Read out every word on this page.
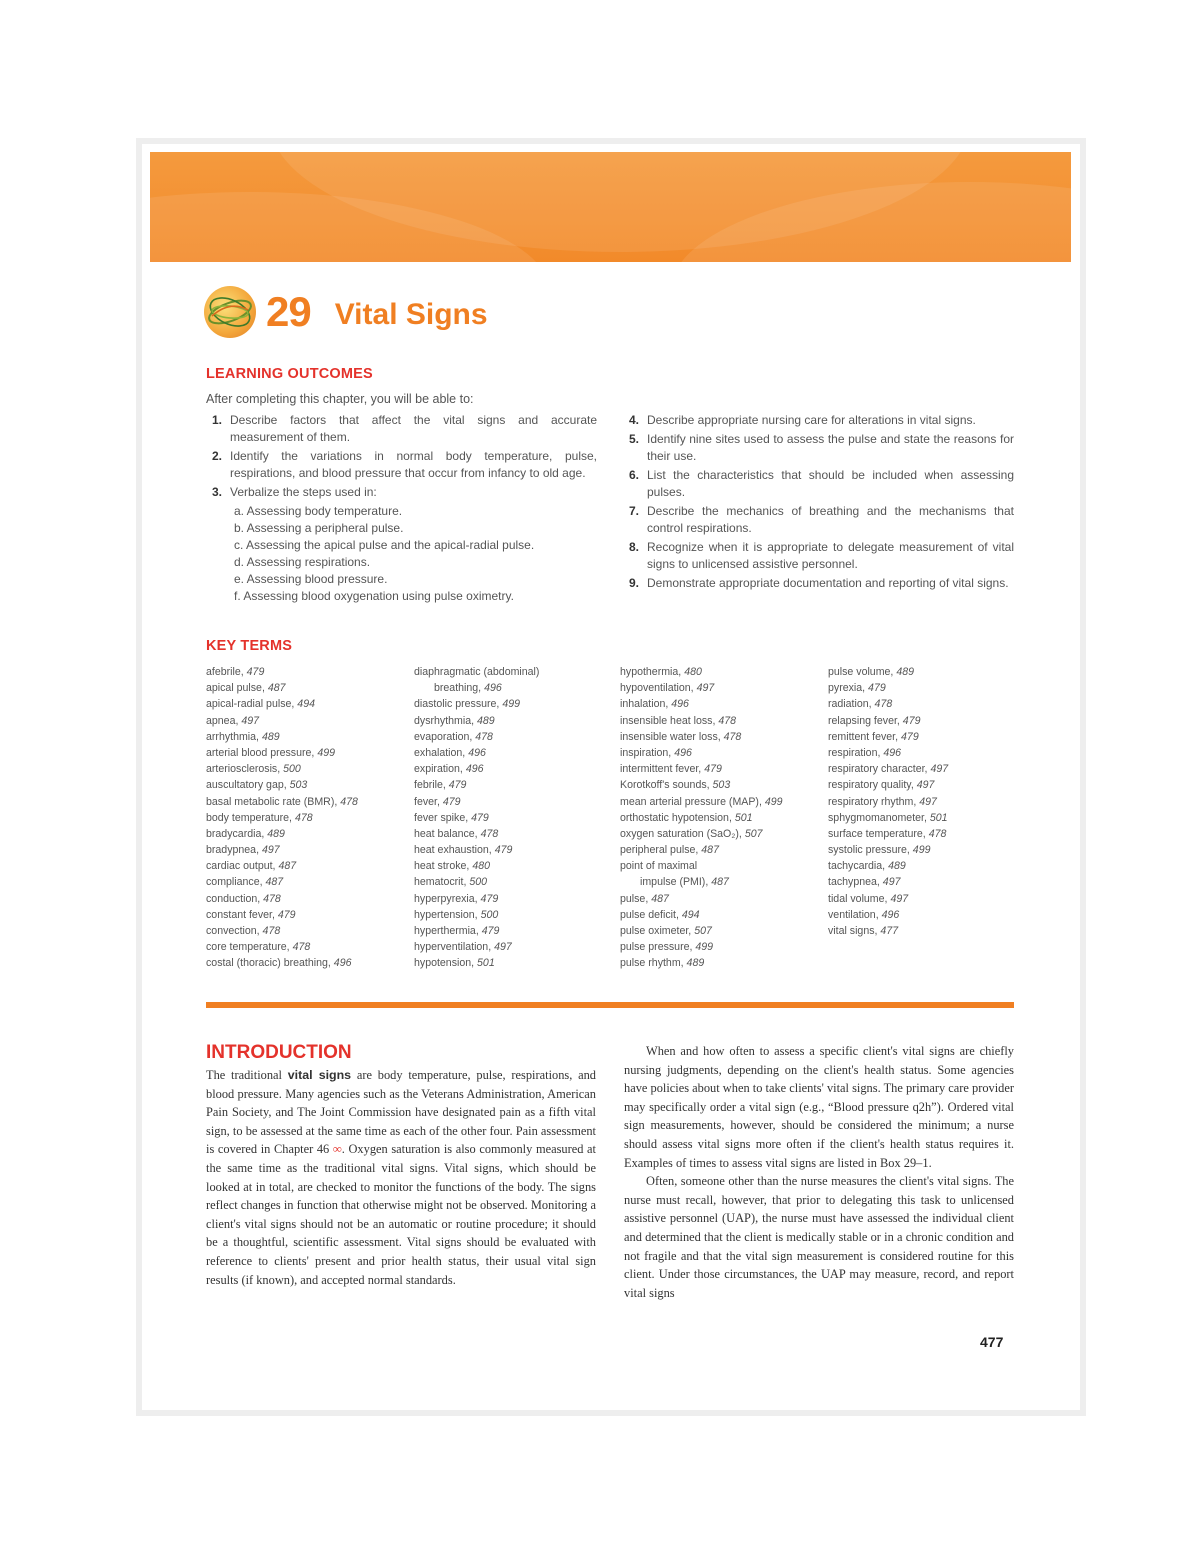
29 Vital Signs
LEARNING OUTCOMES
After completing this chapter, you will be able to:
1. Describe factors that affect the vital signs and accurate measurement of them.
2. Identify the variations in normal body temperature, pulse, respirations, and blood pressure that occur from infancy to old age.
3. Verbalize the steps used in:
a. Assessing body temperature.
b. Assessing a peripheral pulse.
c. Assessing the apical pulse and the apical-radial pulse.
d. Assessing respirations.
e. Assessing blood pressure.
f. Assessing blood oxygenation using pulse oximetry.
4. Describe appropriate nursing care for alterations in vital signs.
5. Identify nine sites used to assess the pulse and state the reasons for their use.
6. List the characteristics that should be included when assessing pulses.
7. Describe the mechanics of breathing and the mechanisms that control respirations.
8. Recognize when it is appropriate to delegate measurement of vital signs to unlicensed assistive personnel.
9. Demonstrate appropriate documentation and reporting of vital signs.
KEY TERMS
afebrile, 479
apical pulse, 487
apical-radial pulse, 494
apnea, 497
arrhythmia, 489
arterial blood pressure, 499
arteriosclerosis, 500
auscultatory gap, 503
basal metabolic rate (BMR), 478
body temperature, 478
bradycardia, 489
bradypnea, 497
cardiac output, 487
compliance, 487
conduction, 478
constant fever, 479
convection, 478
core temperature, 478
costal (thoracic) breathing, 496
diaphragmatic (abdominal)
breathing, 496
diastolic pressure, 499
dysrhythmia, 489
evaporation, 478
exhalation, 496
expiration, 496
febrile, 479
fever, 479
fever spike, 479
heat balance, 478
heat exhaustion, 479
heat stroke, 480
hematocrit, 500
hyperpyrexia, 479
hypertension, 500
hyperthermia, 479
hyperventilation, 497
hypotension, 501
hypothermia, 480
hypoventilation, 497
inhalation, 496
insensible heat loss, 478
insensible water loss, 478
inspiration, 496
intermittent fever, 479
Korotkoff's sounds, 503
mean arterial pressure (MAP), 499
orthostatic hypotension, 501
oxygen saturation (SaO₂), 507
peripheral pulse, 487
point of maximal
impulse (PMI), 487
pulse, 487
pulse deficit, 494
pulse oximeter, 507
pulse pressure, 499
pulse rhythm, 489
pulse volume, 489
pyrexia, 479
radiation, 478
relapsing fever, 479
remittent fever, 479
respiration, 496
respiratory character, 497
respiratory quality, 497
respiratory rhythm, 497
sphygmomanometer, 501
surface temperature, 478
systolic pressure, 499
tachycardia, 489
tachypnea, 497
tidal volume, 497
ventilation, 496
vital signs, 477
INTRODUCTION

The traditional vital signs are body temperature, pulse, respirations, and blood pressure. Many agencies such as the Veterans Administration, American Pain Society, and The Joint Commission have designated pain as a fifth vital sign, to be assessed at the same time as each of the other four. Pain assessment is covered in Chapter 46 ∞. Oxygen saturation is also commonly measured at the same time as the traditional vital signs. Vital signs, which should be looked at in total, are checked to monitor the functions of the body. The signs reflect changes in function that otherwise might not be observed. Monitoring a client's vital signs should not be an automatic or routine procedure; it should be a thoughtful, scientific assessment. Vital signs should be evaluated with reference to clients' present and prior health status, their usual vital sign results (if known), and accepted normal standards.

When and how often to assess a specific client's vital signs are chiefly nursing judgments, depending on the client's health status. Some agencies have policies about when to take clients' vital signs. The primary care provider may specifically order a vital sign (e.g., “Blood pressure q2h”). Ordered vital sign measurements, however, should be considered the minimum; a nurse should assess vital signs more often if the client's health status requires it. Examples of times to assess vital signs are listed in Box 29–1.

Often, someone other than the nurse measures the client's vital signs. The nurse must recall, however, that prior to delegating this task to unlicensed assistive personnel (UAP), the nurse must have assessed the individual client and determined that the client is medically stable or in a chronic condition and not fragile and that the vital sign measurement is considered routine for this client. Under those circumstances, the UAP may measure, record, and report vital signs

477
